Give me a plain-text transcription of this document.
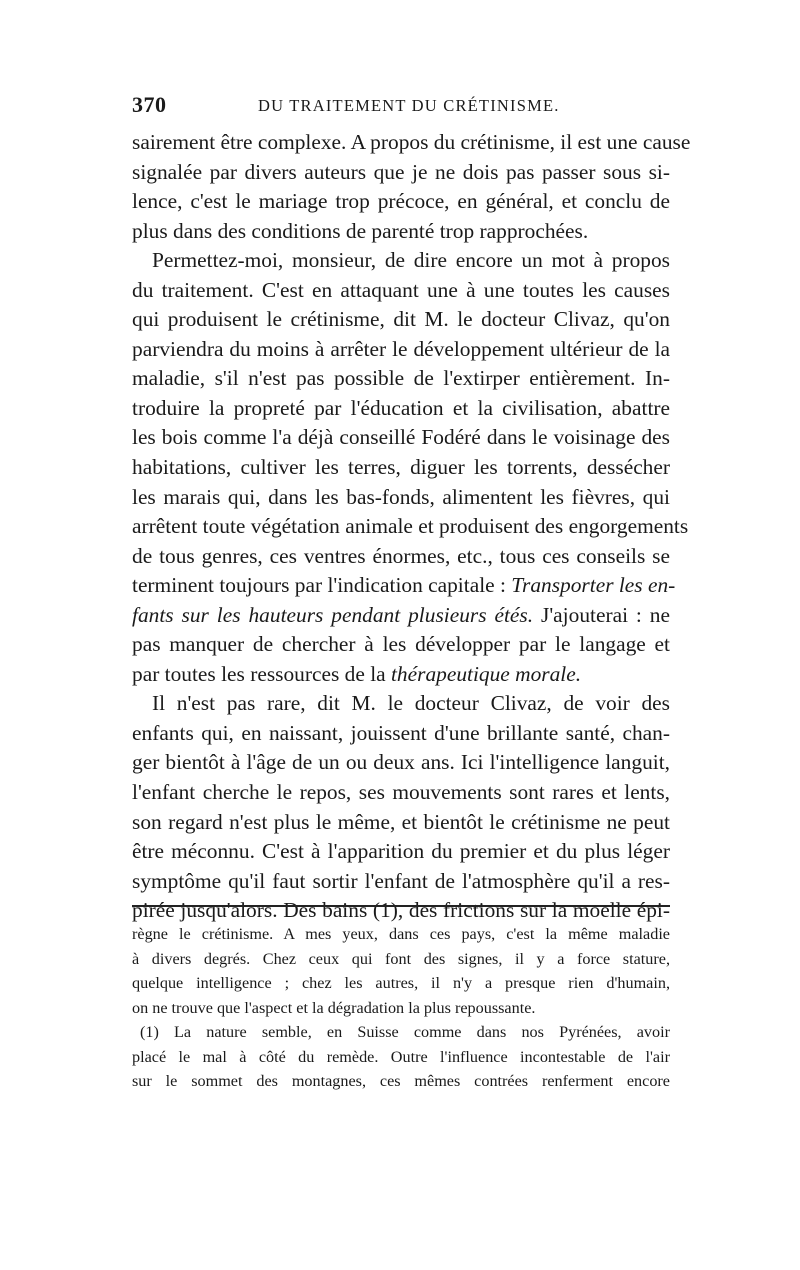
370	DU TRAITEMENT DU CRÉTINISME.
sairement être complexe. A propos du crétinisme, il est une cause
signalée par divers auteurs que je ne dois pas passer sous si-
lence, c'est le mariage trop précoce, en général, et conclu de
plus dans des conditions de parenté trop rapprochées.
Permettez-moi, monsieur, de dire encore un mot à propos
du traitement. C'est en attaquant une à une toutes les causes
qui produisent le crétinisme, dit M. le docteur Clivaz, qu'on
parviendra du moins à arrêter le développement ultérieur de la
maladie, s'il n'est pas possible de l'extirper entièrement. In-
troduire la propreté par l'éducation et la civilisation, abattre
les bois comme l'a déjà conseillé Fodéré dans le voisinage des
habitations, cultiver les terres, diguer les torrents, dessécher
les marais qui, dans les bas-fonds, alimentent les fièvres, qui
arrêtent toute végétation animale et produisent des engorgements
de tous genres, ces ventres énormes, etc., tous ces conseils se
terminent toujours par l'indication capitale : Transporter les en-
fants sur les hauteurs pendant plusieurs étés. J'ajouterai : ne
pas manquer de chercher à les développer par le langage et
par toutes les ressources de la thérapeutique morale.
Il n'est pas rare, dit M. le docteur Clivaz, de voir des
enfants qui, en naissant, jouissent d'une brillante santé, chan-
ger bientôt à l'âge de un ou deux ans. Ici l'intelligence languit,
l'enfant cherche le repos, ses mouvements sont rares et lents,
son regard n'est plus le même, et bientôt le crétinisme ne peut
être méconnu. C'est à l'apparition du premier et du plus léger
symptôme qu'il faut sortir l'enfant de l'atmosphère qu'il a res-
pirée jusqu'alors. Des bains (1), des frictions sur la moelle épi-
règne le crétinisme. A mes yeux, dans ces pays, c'est la même maladie
à divers degrés. Chez ceux qui font des signes, il y a force stature,
quelque intelligence ; chez les autres, il n'y a presque rien d'humain,
on ne trouve que l'aspect et la dégradation la plus repoussante.
(1) La nature semble, en Suisse comme dans nos Pyrénées, avoir
placé le mal à côté du remède. Outre l'influence incontestable de l'air
sur le sommet des montagnes, ces mêmes contrées renferment encore
